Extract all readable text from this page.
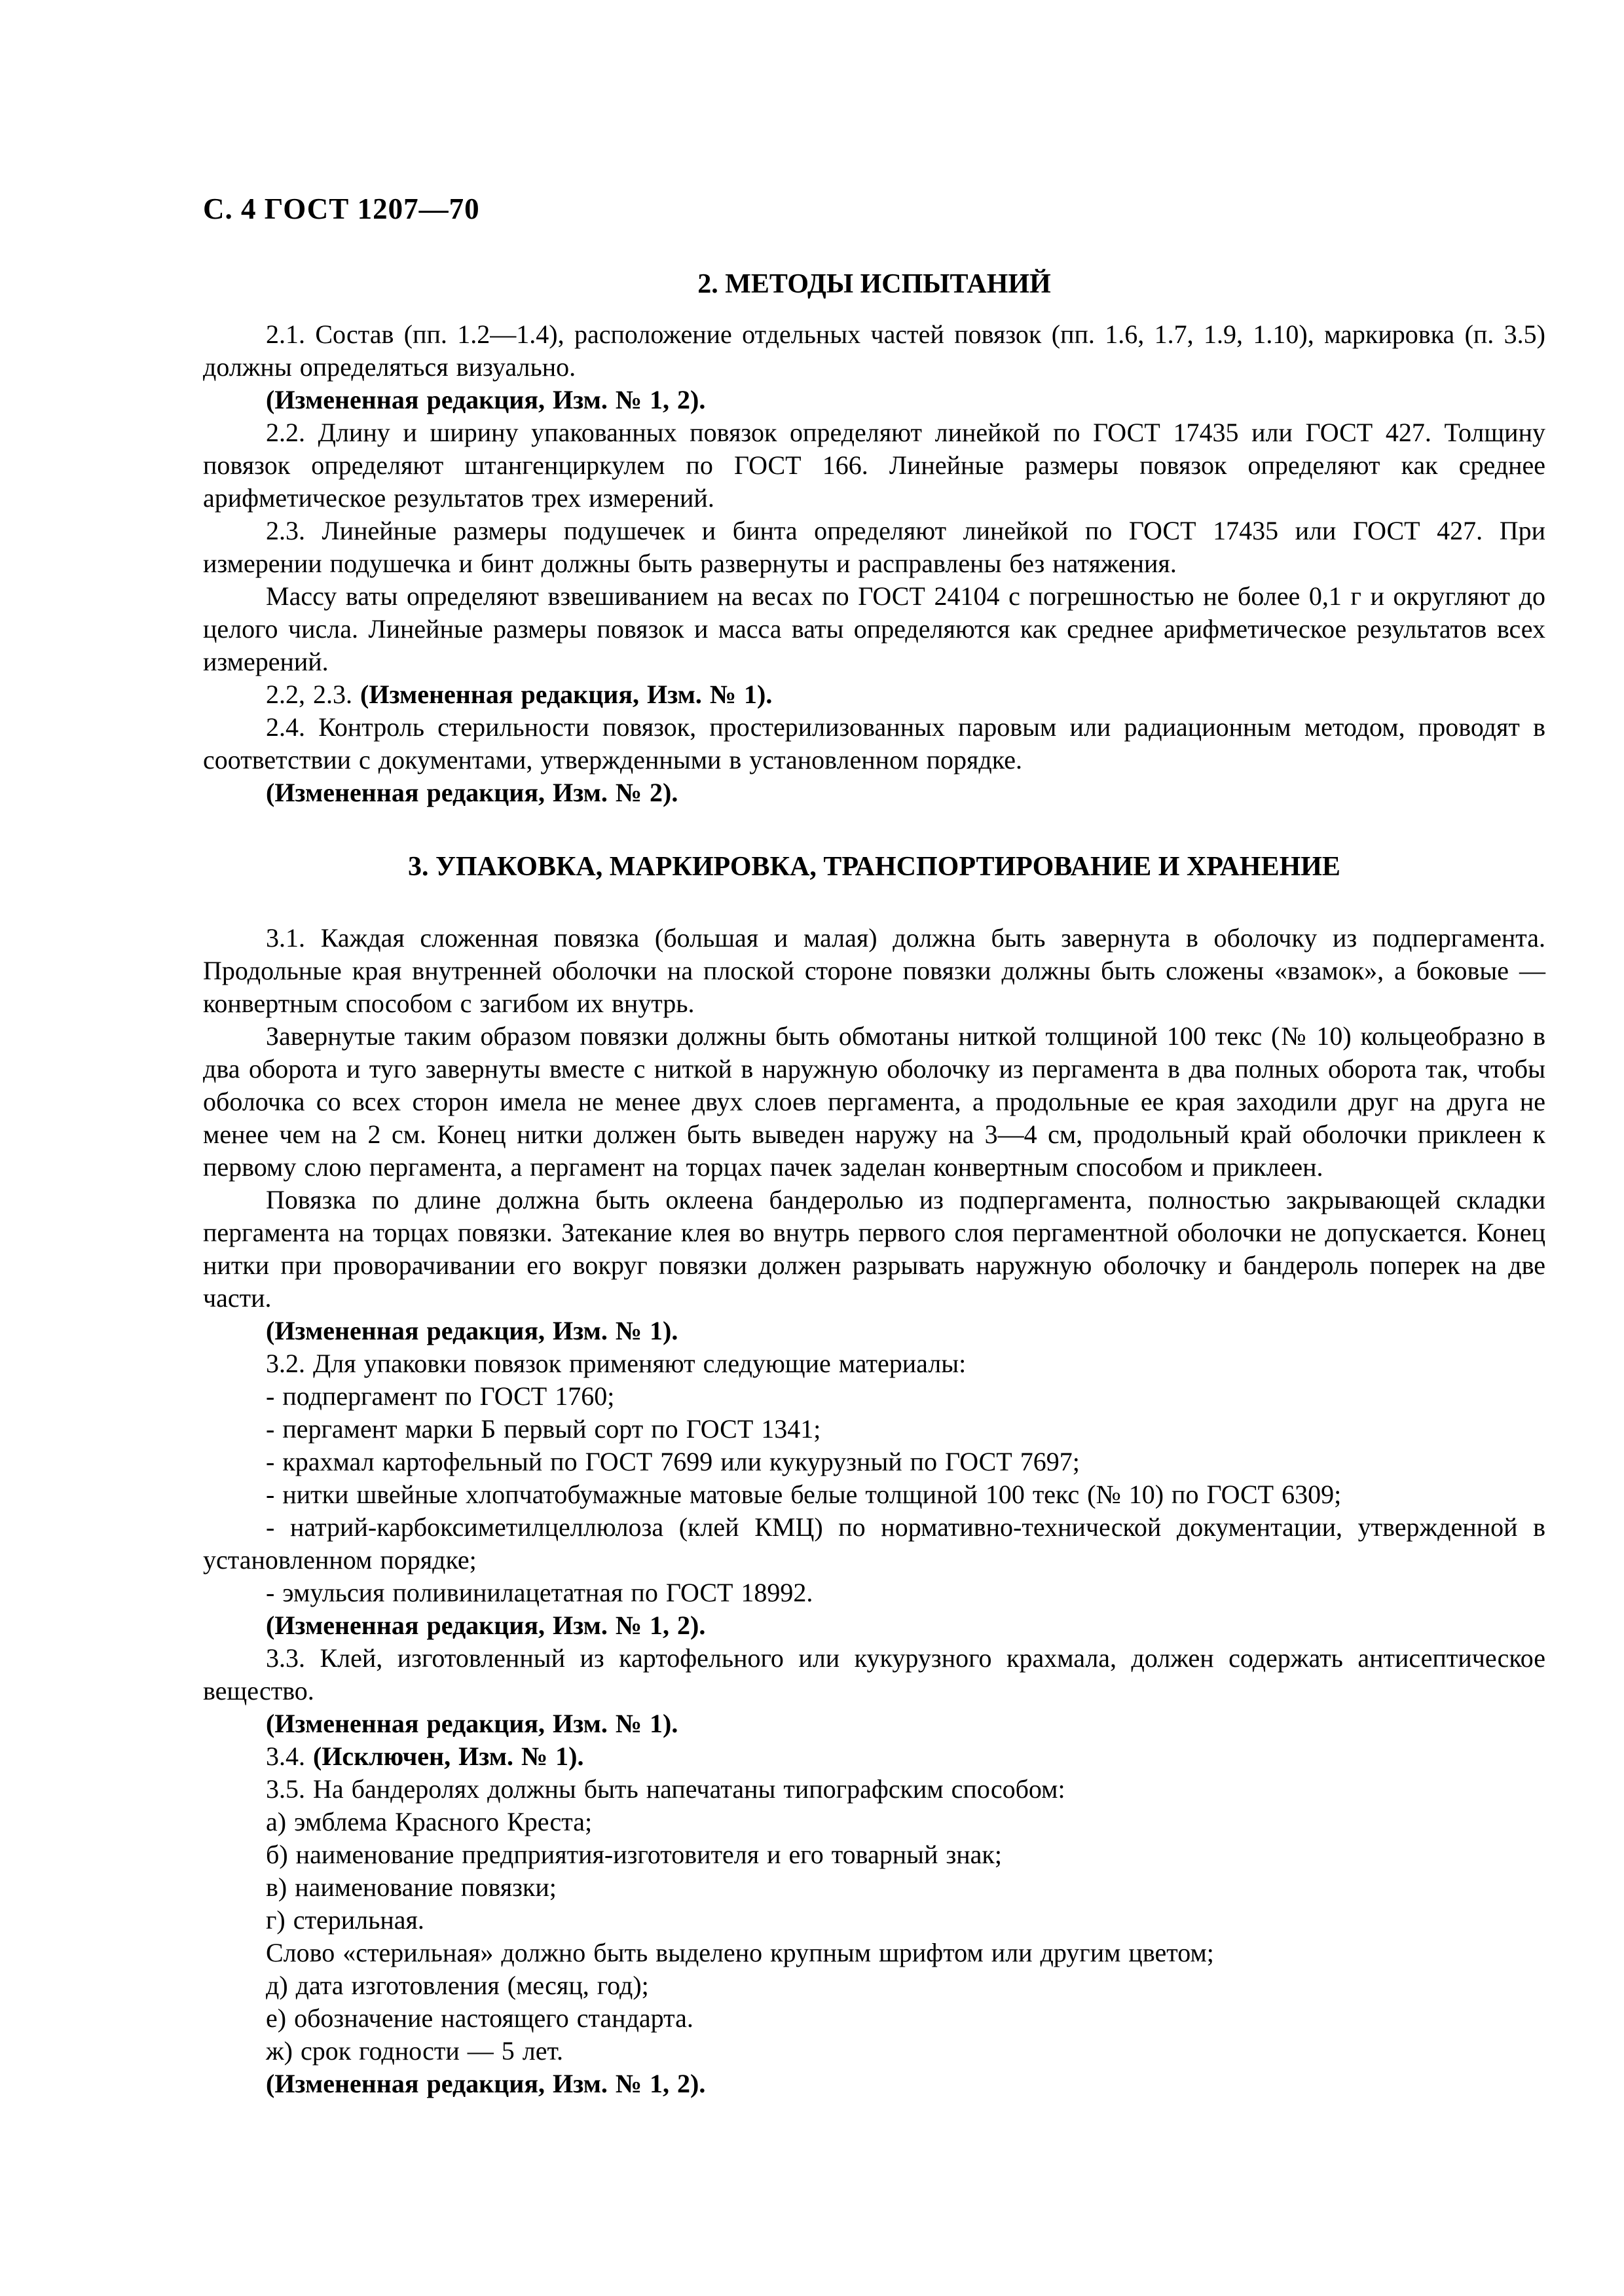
С. 4 ГОСТ 1207—70
2. МЕТОДЫ ИСПЫТАНИЙ

2.1. Состав (пп. 1.2—1.4), расположение отдельных частей повязок (пп. 1.6, 1.7, 1.9, 1.10), маркировка (п. 3.5) должны определяться визуально.

(Измененная редакция, Изм. № 1, 2).

2.2. Длину и ширину упакованных повязок определяют линейкой по ГОСТ 17435 или ГОСТ 427. Толщину повязок определяют штангенциркулем по ГОСТ 166. Линейные размеры повязок определяют как среднее арифметическое результатов трех измерений.

2.3. Линейные размеры подушечек и бинта определяют линейкой по ГОСТ 17435 или ГОСТ 427. При измерении подушечка и бинт должны быть развернуты и расправлены без натяжения.

Массу ваты определяют взвешиванием на весах по ГОСТ 24104 с погрешностью не более 0,1 г и округляют до целого числа. Линейные размеры повязок и масса ваты определяются как среднее арифметическое результатов всех измерений.

2.2, 2.3. (Измененная редакция, Изм. № 1).

2.4. Контроль стерильности повязок, простерилизованных паровым или радиационным методом, проводят в соответствии с документами, утвержденными в установленном порядке.

(Измененная редакция, Изм. № 2).

3. УПАКОВКА, МАРКИРОВКА, ТРАНСПОРТИРОВАНИЕ И ХРАНЕНИЕ

3.1. Каждая сложенная повязка (большая и малая) должна быть завернута в оболочку из подпергамента. Продольные края внутренней оболочки на плоской стороне повязки должны быть сложены «взамок», а боковые — конвертным способом с загибом их внутрь.

Завернутые таким образом повязки должны быть обмотаны ниткой толщиной 100 текс (№ 10) кольцеобразно в два оборота и туго завернуты вместе с ниткой в наружную оболочку из пергамента в два полных оборота так, чтобы оболочка со всех сторон имела не менее двух слоев пергамента, а продольные ее края заходили друг на друга не менее чем на 2 см. Конец нитки должен быть выведен наружу на 3—4 см, продольный край оболочки приклеен к первому слою пергамента, а пергамент на торцах пачек заделан конвертным способом и приклеен.

Повязка по длине должна быть оклеена бандеролью из подпергамента, полностью закрывающей складки пергамента на торцах повязки. Затекание клея во внутрь первого слоя пергаментной оболочки не допускается. Конец нитки при проворачивании его вокруг повязки должен разрывать наружную оболочку и бандероль поперек на две части.

(Измененная редакция, Изм. № 1).

3.2. Для упаковки повязок применяют следующие материалы:

- подпергамент по ГОСТ 1760;

- пергамент марки Б первый сорт по ГОСТ 1341;

- крахмал картофельный по ГОСТ 7699 или кукурузный по ГОСТ 7697;

- нитки швейные хлопчатобумажные матовые белые толщиной 100 текс (№ 10) по ГОСТ 6309;

- натрий-карбоксиметилцеллюлоза (клей КМЦ) по нормативно-технической документации, утвержденной в установленном порядке;

- эмульсия поливинилацетатная по ГОСТ 18992.

(Измененная редакция, Изм. № 1, 2).

3.3. Клей, изготовленный из картофельного или кукурузного крахмала, должен содержать антисептическое вещество.

(Измененная редакция, Изм. № 1).

3.4. (Исключен, Изм. № 1).

3.5. На бандеролях должны быть напечатаны типографским способом:

а) эмблема Красного Креста;

б) наименование предприятия-изготовителя и его товарный знак;

в) наименование повязки;

г) стерильная.

Слово «стерильная» должно быть выделено крупным шрифтом или другим цветом;

д) дата изготовления (месяц, год);

е) обозначение настоящего стандарта.

ж) срок годности — 5 лет.

(Измененная редакция, Изм. № 1, 2).
